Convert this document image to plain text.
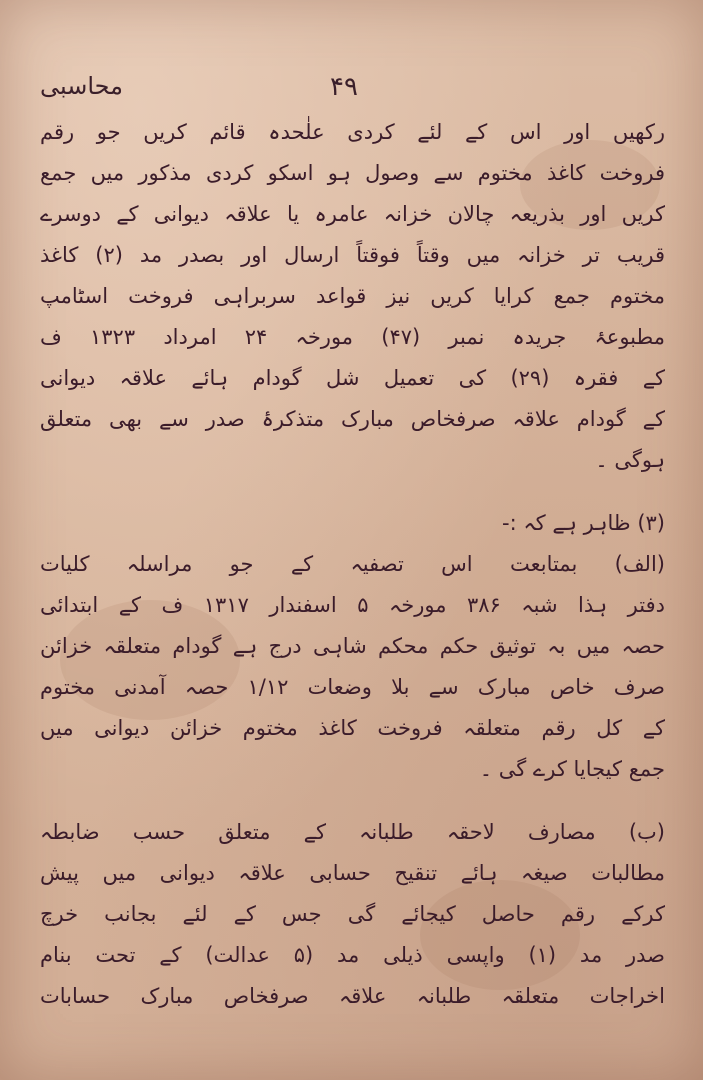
محاسبی	۴۹
رکھیں اور اس کے لئے کردی علٰحدہ قائم کریں جو رقم
فروخت کاغذ مختوم سے وصول ہو اسکو کردی مذکور میں جمع
کریں اور بذریعہ چالان خزانہ عامرہ یا علاقہ دیوانی کے دوسرے
قریب تر خزانہ میں وقتاً فوقتاً ارسال اور بصدر مد (۲) کاغذ
مختوم جمع کرایا کریں نیز قواعد سربراہی فروخت اسٹامپ
مطبوعۂ جریدہ نمبر (۴۷) مورخہ ۲۴ امرداد ۱۳۲۳ ف
کے فقرہ (۲۹) کی تعمیل شل گودام ہائے علاقہ دیوانی
کے گودام علاقہ صرفخاص مبارک متذکرۂ صدر سے بھی متعلق
ہوگی ۔
(۳) ظاہر ہے کہ :-
(الف) بمتابعت اس تصفیہ کے جو مراسلہ کلیات
دفتر ہذا شبہ ۳۸۶ مورخہ ۵ اسفندار ۱۳۱۷ ف کے ابتدائی
حصہ میں بہ توثیق حکم محکم شاہی درج ہے گودام متعلقہ خزائن
صرف خاص مبارک سے بلا وضعات ۱/۱۲ حصہ آمدنی مختوم
کے کل رقم متعلقہ فروخت کاغذ مختوم خزائن دیوانی میں
جمع کیجایا کرے گی ۔
(ب) مصارف لاحقہ طلبانہ کے متعلق حسب ضابطہ
مطالبات صیغہ ہائے تنقیح حسابی علاقہ دیوانی میں پیش
کرکے رقم حاصل کیجائے گی جس کے لئے بجانب خرچ
صدر مد (۱) واپسی ذیلی مد (۵ عدالت) کے تحت بنام
اخراجات متعلقہ طلبانہ علاقہ صرفخاص مبارک حسابات
